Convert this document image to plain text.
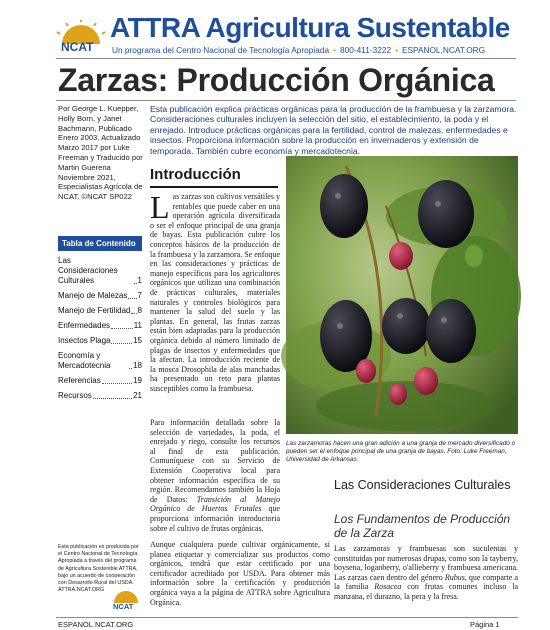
NCAT
ATTRA Agricultura Sustentable
Un programa del Centro Nacional de Tecnología Apropiada • 800-411-3222 • ESPANOL.NCAT.ORG
Zarzas: Producción Orgánica
Por George L. Kuepper, Holly Born, y Janet Bachmann, Publicado Enero 2003, Actualizado Marzo 2017 por Luke Freeman y Traducido por Martin Guerena Noviembre 2021, Especialistas Agrícola de NCAT. ©NCAT SP022
Tabla de Contenido
Las Consideraciones Culturales	1
Manejo de Malezas 7
Manejo de Fertilidad 8
Enfermedades	11
Insectos Plaga	15
Economía y Mercadotecnia	18
Referencias	19
Recursos	21
Esta publicación es producida por el Centro Nacional de Tecnología Apropiada a través del programa de Agricultura Sostenible ATTRA, bajo un acuerdo de cooperación con Desarrollo Rural del USDA. ATTRA.NCAT.ORG
NCAT
Esta publicación explica prácticas orgánicas para la producción de la frambuesa y la zarzamora. Consideraciones culturales incluyen la selección del sitio, el establecimiento, la poda y el enrejado. Introduce prácticas orgánicas para la fertilidad, control de malezas, enfermedades e insectos. Proporciona información sobre la producción en invernaderos y extensión de temporada. También cubre economía y mercadotecnia.
Introducción
Las zarzas son cultivos versátiles y rentables que puede caber en una operación agrícola diversificada o ser el enfoque principal de una granja de bayas. Esta publicación cubre los conceptos básicos de la producción de la frambuesa y la zarzamora. Se enfoque en las consideraciones y prácticas de manejo específicos para los agricultores orgánicos que utilizan una combinación de prácticas culturales, materiales naturales y controles biológicos para mantener la salud del suelo y las plantas. En general, las frutas zarzas están bien adaptadas para la producción orgánica debido al número limitado de plagas de insectos y enfermedades que la afectan. La introducción reciente de la mosca Drosophila de alas manchadas ha presentado un reto para plantas susceptibles como la frambuesa.
Para información detallada sobre la selección de variedades, la poda, el enrejado y riego, consulte los recursos al final de esta publicación. Comuníquese con su Servicio de Extensión Cooperativa local para obtener información específica de su región. Recomendamos también la Hoja de Datos: Transición al Manejo Orgánico de Huertos Frutales que proporciona información introductoria sobre el cultivo de frutas orgánicas.
Aunque cualquiera puede cultivar orgánicamente, si planea etiquetar y comercializar sus productos como orgánicos, tendrá que estar certificado por una certificador acreditado por USDA. Para obtener más información sobre la certificación y producción orgánica vaya a la página de ATTRA sobre Agricultura Orgánica.
Las zarzamoras hacen una gran adición a una granja de mercado diversificado o pueden ser el enfoque principal de una granja de bayas. Foto: Luke Freeman, Universidad de Arkansas
Las Consideraciones Culturales
Los Fundamentos de Producción de la Zarza
Las zarzamoras y frambuesas son suculentas y constituidas por numerosas drupas, como son la tayberry, boysena, loganberry, o'allieberry y frambuesa americana. Las zarzas caen dentro del género Rubus, que comparte a la familia Rosacea con frutas comunes incluso la manzana, el durazno, la pera y la fresa.
ESPANOL.NCAT.ORG	Página 1
